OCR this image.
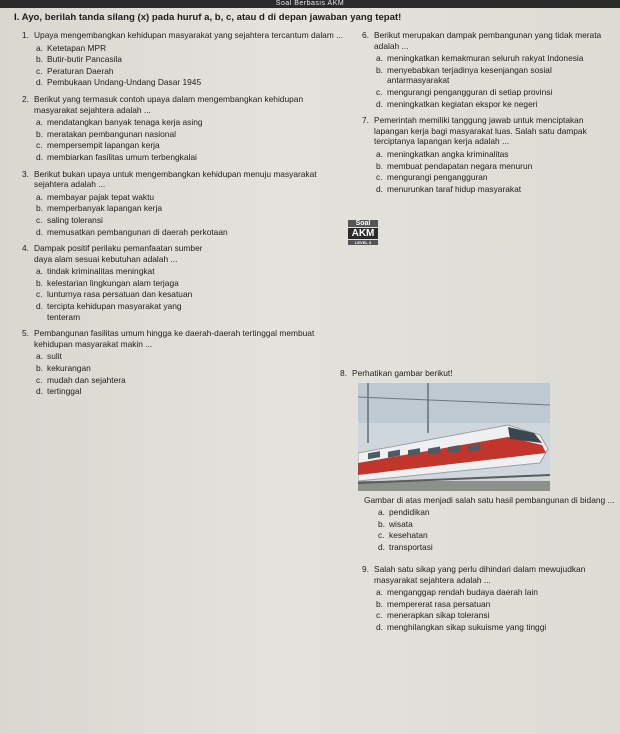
Soal Berbasis AKM
I. Ayo, berilah tanda silang (x) pada huruf a, b, c, atau d di depan jawaban yang tepat!
1. Upaya mengembangkan kehidupan masyarakat yang sejahtera tercantum dalam ...
a. Ketetapan MPR
b. Butir-butir Pancasila
c. Peraturan Daerah
d. Pembukaan Undang-Undang Dasar 1945
2. Berikut yang termasuk contoh upaya dalam mengembangkan kehidupan masyarakat sejahtera adalah ...
a. mendatangkan banyak tenaga kerja asing
b. meratakan pembangunan nasional
c. mempersempit lapangan kerja
d. membiarkan fasilitas umum terbengkalai
3. Berikut bukan upaya untuk mengembangkan kehidupan menuju masyarakat sejahtera adalah ...
a. membayar pajak tepat waktu
b. memperbanyak lapangan kerja
c. saling toleransi
d. memusatkan pembangunan di daerah perkotaan
4. Dampak positif perilaku pemanfaatan sumber daya alam sesuai kebutuhan adalah ...
a. tindak kriminalitas meningkat
b. kelestarian lingkungan alam terjaga
c. lunturnya rasa persatuan dan kesatuan
d. tercipta kehidupan masyarakat yang tenteram
5. Pembangunan fasilitas umum hingga ke daerah-daerah tertinggal membuat kehidupan masyarakat makin ...
a. sulit
b. kekurangan
c. mudah dan sejahtera
d. tertinggal
Soal
AKM
LEVEL 3
6. Berikut merupakan dampak pembangunan yang tidak merata adalah ...
a. meningkatkan kemakmuran seluruh rakyat Indonesia
b. menyebabkan terjadinya kesenjangan sosial antarmasyarakat
c. mengurangi pengangguran di setiap provinsi
d. meningkatkan kegiatan ekspor ke negeri
7. Pemerintah memiliki tanggung jawab untuk menciptakan lapangan kerja bagi masyarakat luas. Salah satu dampak terciptanya lapangan kerja adalah ...
a. meningkatkan angka kriminalitas
b. membuat pendapatan negara menurun
c. mengurangi pengangguran
d. menurunkan taraf hidup masyarakat
8. Perhatikan gambar berikut!
Gambar di atas menjadi salah satu hasil pembangunan di bidang ...
a. pendidikan
b. wisata
c. kesehatan
d. transportasi
9. Salah satu sikap yang perlu dihindari dalam mewujudkan masyarakat sejahtera adalah ...
a. menganggap rendah budaya daerah lain
b. mempererat rasa persatuan
c. menerapkan sikap toleransi
d. menghilangkan sikap sukuisme yang tinggi
